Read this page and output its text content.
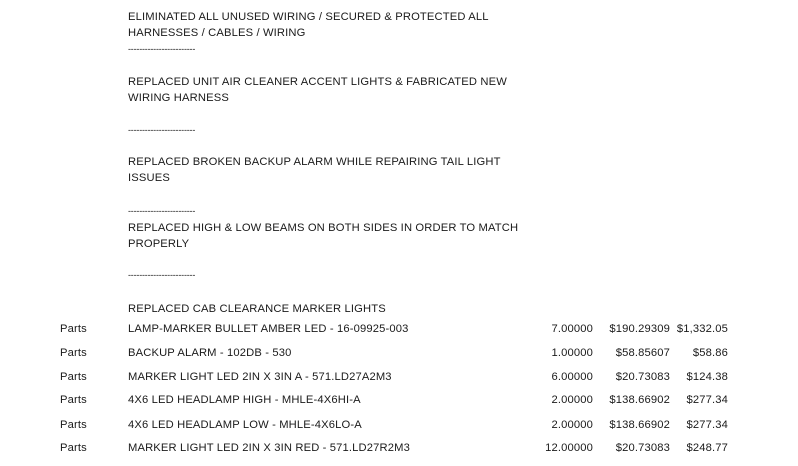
ELIMINATED ALL UNUSED WIRING / SECURED & PROTECTED ALL
HARNESSES / CABLES / WIRING
------------------------
REPLACED UNIT AIR CLEANER ACCENT LIGHTS & FABRICATED NEW
WIRING HARNESS
------------------------
REPLACED BROKEN BACKUP ALARM WHILE REPAIRING TAIL LIGHT
ISSUES
------------------------
REPLACED HIGH & LOW BEAMS ON BOTH SIDES IN ORDER TO MATCH
PROPERLY
------------------------
REPLACED CAB CLEARANCE MARKER LIGHTS
Parts	LAMP-MARKER BULLET AMBER LED - 16-09925-003	7.00000 $190.29309 $1,332.05
Parts	BACKUP ALARM - 102DB - 530	1.00000 $58.85607 $58.86
Parts	MARKER LIGHT LED 2IN X 3IN A - 571.LD27A2M3	6.00000 $20.73083 $124.38
Parts	4X6 LED HEADLAMP HIGH - MHLE-4X6HI-A	2.00000 $138.66902 $277.34
Parts	4X6 LED HEADLAMP LOW - MHLE-4X6LO-A	2.00000 $138.66902 $277.34
Parts	MARKER LIGHT LED 2IN X 3IN RED - 571.LD27R2M3	12.00000 $20.73083 $248.77
